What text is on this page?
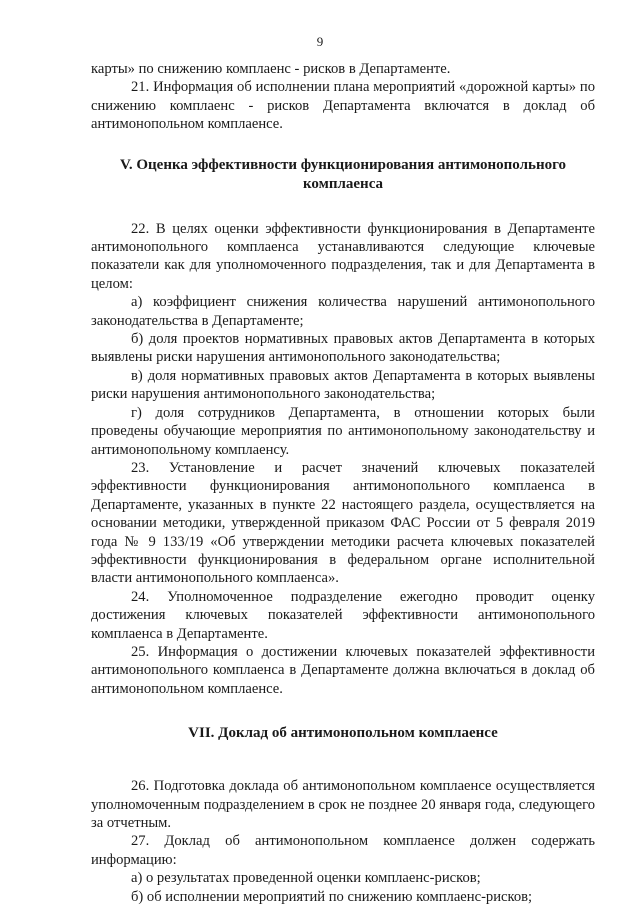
9

карты» по снижению комплаенс - рисков в Департаменте.

21. Информация об исполнении плана мероприятий «дорожной карты» по снижению комплаенс - рисков Департамента включатся в доклад об антимонопольном комплаенсе.

V. Оценка эффективности функционирования антимонопольного комплаенса

22. В целях оценки эффективности функционирования в Департаменте антимонопольного комплаенса устанавливаются следующие ключевые показатели как для уполномоченного подразделения, так и для Департамента в целом:

а) коэффициент снижения количества нарушений антимонопольного законодательства в Департаменте;

б) доля проектов нормативных правовых актов Департамента в которых выявлены риски нарушения антимонопольного законодательства;

в) доля нормативных правовых актов Департамента в которых выявлены риски нарушения антимонопольного законодательства;

г) доля сотрудников Департамента, в отношении которых были проведены обучающие мероприятия по антимонопольному законодательству и антимонопольному комплаенсу.

23. Установление и расчет значений ключевых показателей эффективности функционирования антимонопольного комплаенса в Департаменте, указанных в пункте 22 настоящего раздела, осуществляется на основании методики, утвержденной приказом ФАС России от 5 февраля 2019 года № 9 133/19 «Об утверждении методики расчета ключевых показателей эффективности функционирования в федеральном органе исполнительной власти антимонопольного комплаенса».

24. Уполномоченное подразделение ежегодно проводит оценку достижения ключевых показателей эффективности антимонопольного комплаенса в Департаменте.

25. Информация о достижении ключевых показателей эффективности антимонопольного комплаенса в Департаменте должна включаться в доклад об антимонопольном комплаенсе.

VII. Доклад об антимонопольном комплаенсе

26. Подготовка доклада об антимонопольном комплаенсе осуществляется уполномоченным подразделением в срок не позднее 20 января года, следующего за отчетным.

27. Доклад об антимонопольном комплаенсе должен содержать информацию:

а) о результатах проведенной оценки комплаенс-рисков;

б) об исполнении мероприятий по снижению комплаенс-рисков;
